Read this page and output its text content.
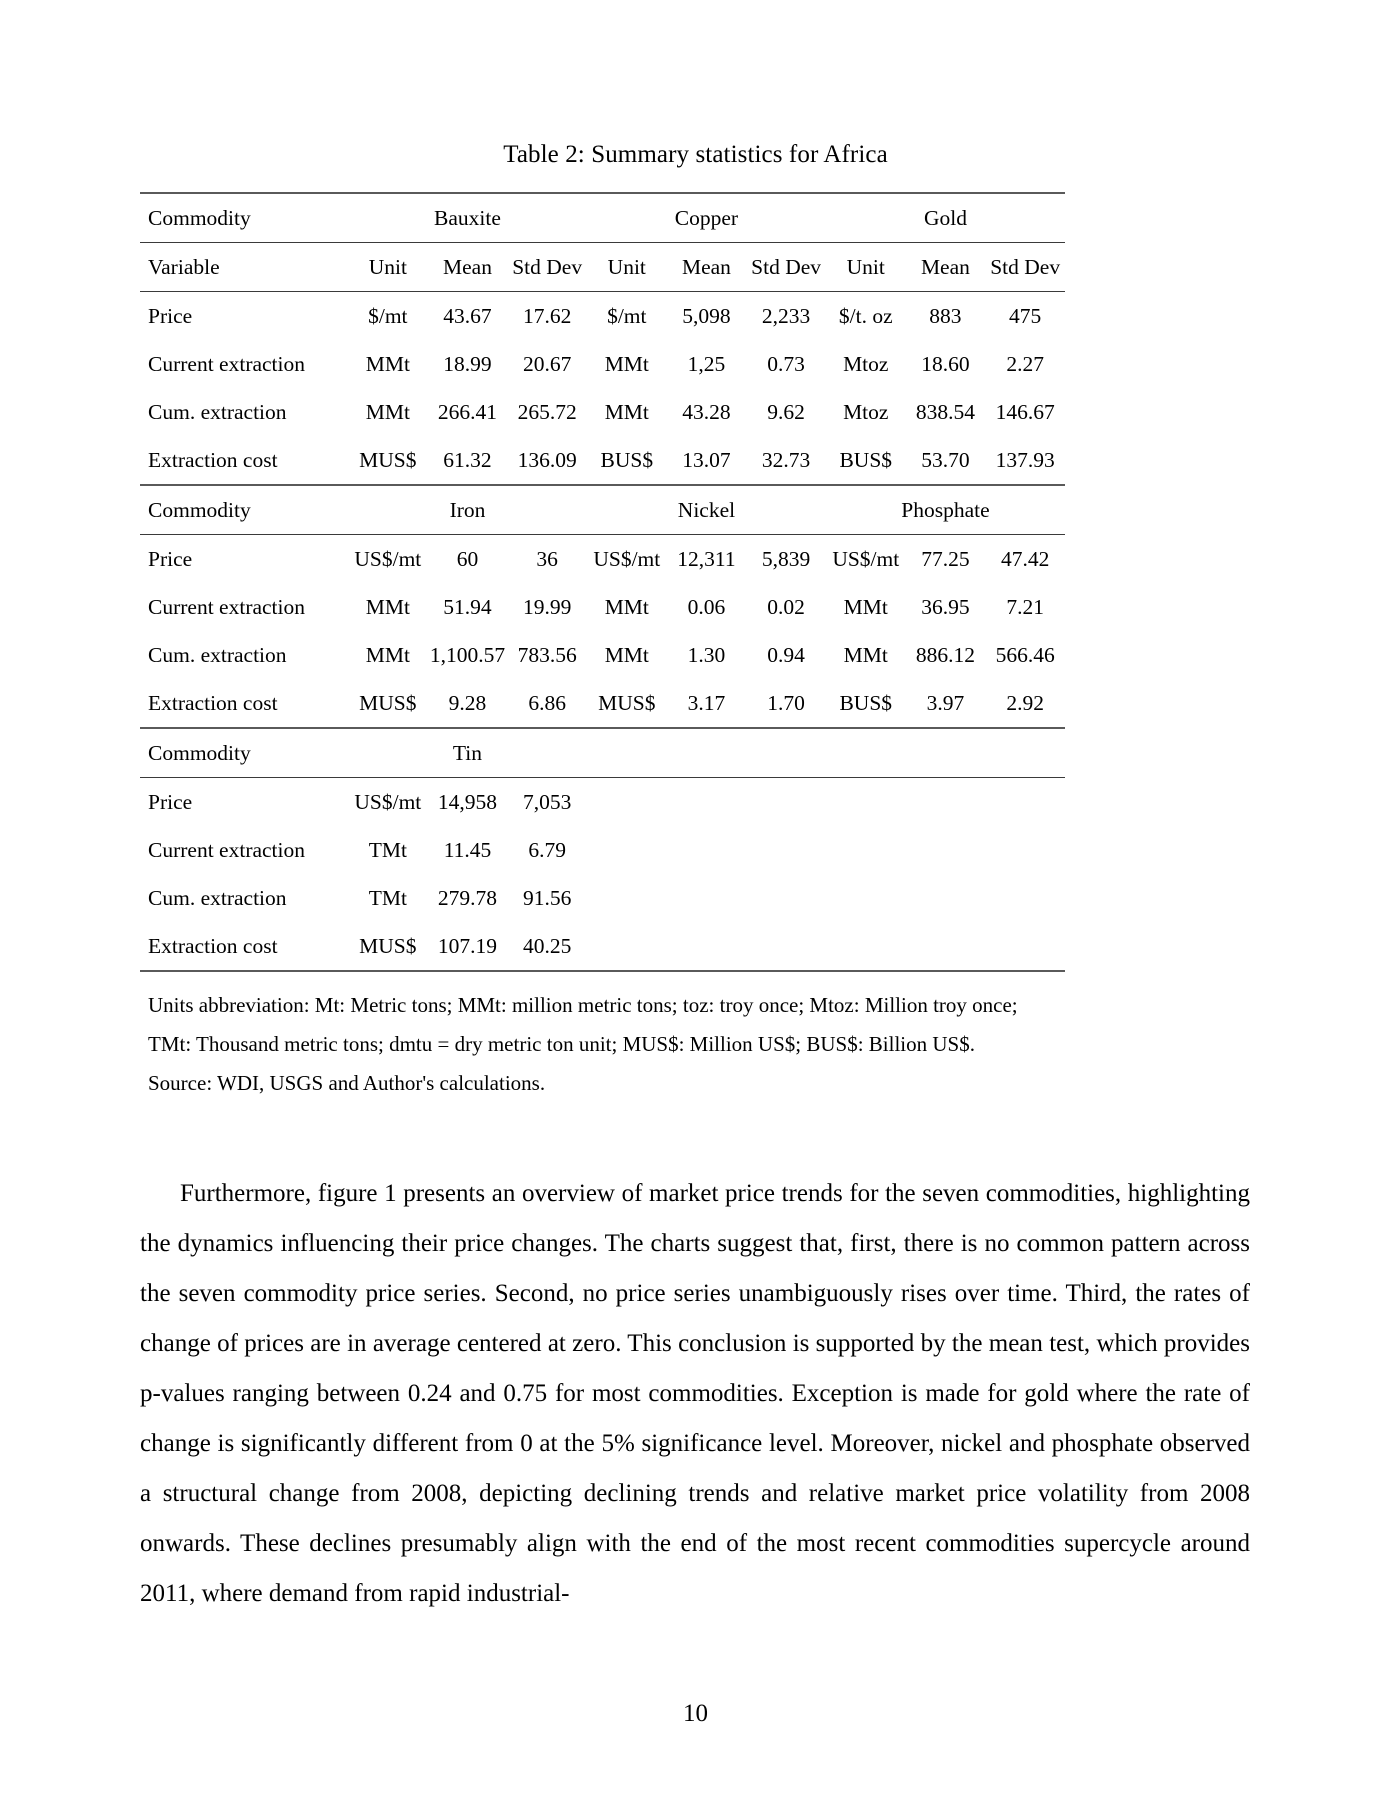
Table 2: Summary statistics for Africa
Commodity	Bauxite			Copper			Gold		
Variable	Unit	Mean	Std Dev	Unit	Mean	Std Dev	Unit	Mean	Std Dev
Price	$/mt	43.67	17.62	$/mt	5,098	2,233	$/t. oz	883	475
Current extraction	MMt	18.99	20.67	MMt	1,25	0.73	Mtoz	18.60	2.27
Cum. extraction	MMt	266.41	265.72	MMt	43.28	9.62	Mtoz	838.54	146.67
Extraction cost	MUS$	61.32	136.09	BUS$	13.07	32.73	BUS$	53.70	137.93
Commodity	Iron			Nickel			Phosphate		
Price	US$/mt	60	36	US$/mt	12,311	5,839	US$/mt	77.25	47.42
Current extraction	MMt	51.94	19.99	MMt	0.06	0.02	MMt	36.95	7.21
Cum. extraction	MMt	1,100.57	783.56	MMt	1.30	0.94	MMt	886.12	566.46
Extraction cost	MUS$	9.28	6.86	MUS$	3.17	1.70	BUS$	3.97	2.92
Commodity	Tin								
Price	US$/mt	14,958	7,053						
Current extraction	TMt	11.45	6.79						
Cum. extraction	TMt	279.78	91.56						
Extraction cost	MUS$	107.19	40.25						

Units abbreviation: Mt: Metric tons; MMt: million metric tons; toz: troy once; Mtoz: Million troy once;
TMt: Thousand metric tons; dmtu = dry metric ton unit; MUS$: Million US$; BUS$: Billion US$.
Source: WDI, USGS and Author's calculations.

Furthermore, figure 1 presents an overview of market price trends for the seven commodities, highlighting the dynamics influencing their price changes. The charts suggest that, first, there is no common pattern across the seven commodity price series. Second, no price series unambiguously rises over time. Third, the rates of change of prices are in average centered at zero. This conclusion is supported by the mean test, which provides p-values ranging between 0.24 and 0.75 for most commodities. Exception is made for gold where the rate of change is significantly different from 0 at the 5% significance level. Moreover, nickel and phosphate observed a structural change from 2008, depicting declining trends and relative market price volatility from 2008 onwards. These declines presumably align with the end of the most recent commodities supercycle around 2011, where demand from rapid industrial-

10
